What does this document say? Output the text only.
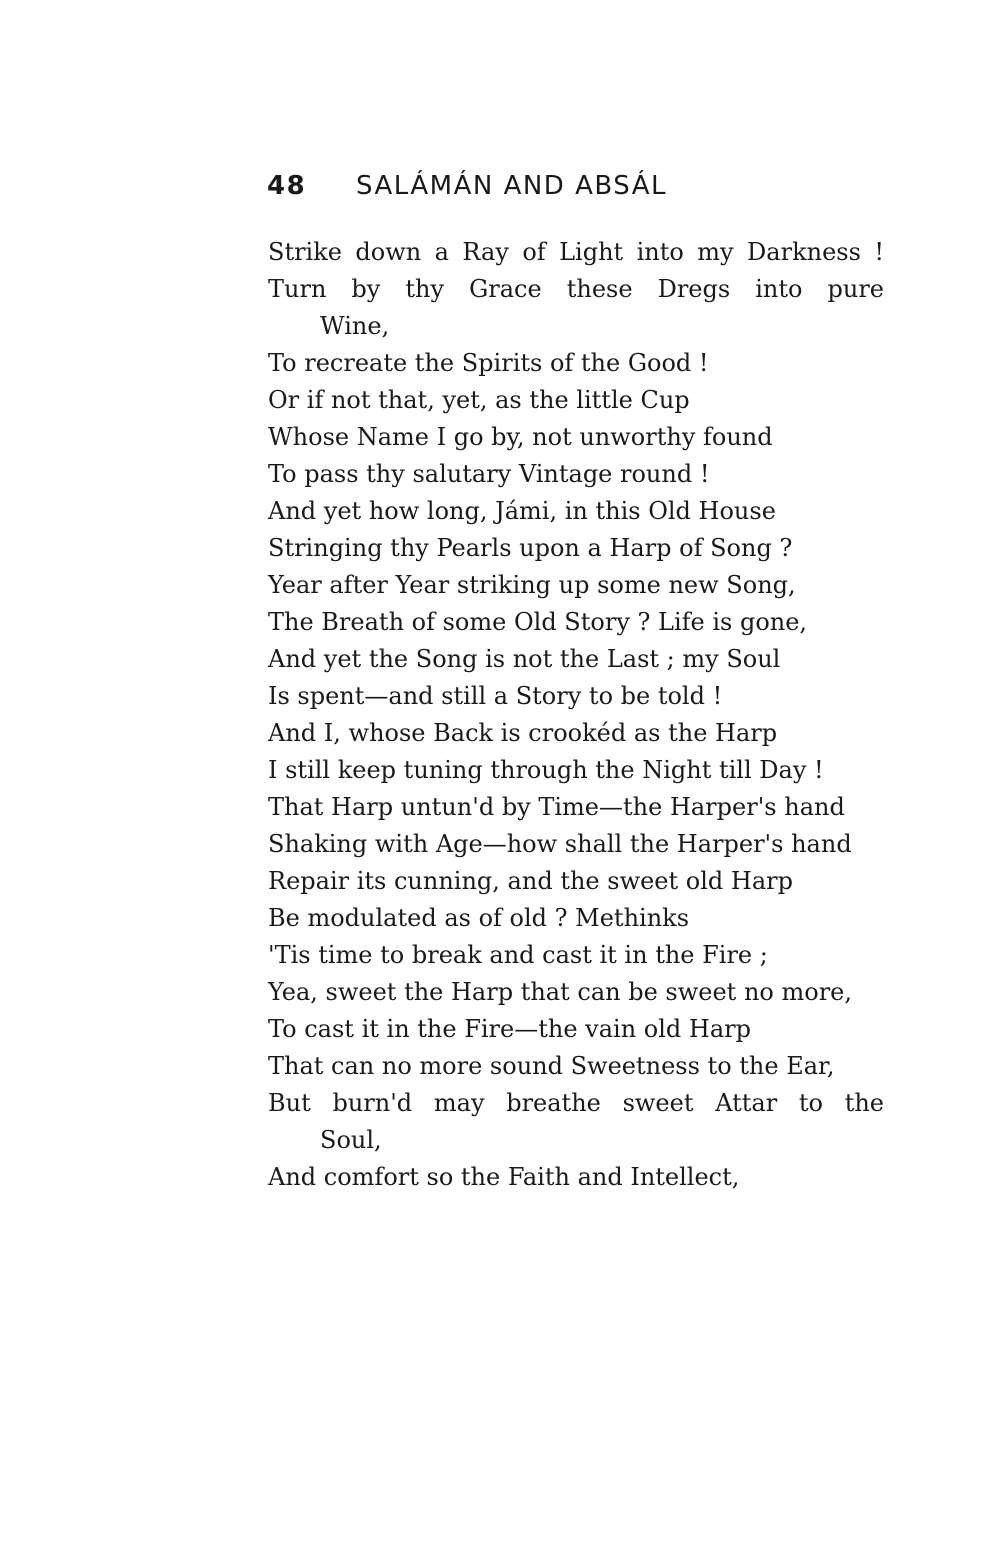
48 SALÁMÁN AND ABSÁL
Strike down a Ray of Light into my Darkness !
Turn by thy Grace these Dregs into pure
Wine,
To recreate the Spirits of the Good !
Or if not that, yet, as the little Cup
Whose Name I go by, not unworthy found
To pass thy salutary Vintage round !
And yet how long, Jámi, in this Old House
Stringing thy Pearls upon a Harp of Song ?
Year after Year striking up some new Song,
The Breath of some Old Story ? Life is gone,
And yet the Song is not the Last ; my Soul
Is spent—and still a Story to be told !
And I, whose Back is crookéd as the Harp
I still keep tuning through the Night till Day !
That Harp untun'd by Time—the Harper's hand
Shaking with Age—how shall the Harper's hand
Repair its cunning, and the sweet old Harp
Be modulated as of old ? Methinks
'Tis time to break and cast it in the Fire ;
Yea, sweet the Harp that can be sweet no more,
To cast it in the Fire—the vain old Harp
That can no more sound Sweetness to the Ear,
But burn'd may breathe sweet Attar to the
Soul,
And comfort so the Faith and Intellect,
